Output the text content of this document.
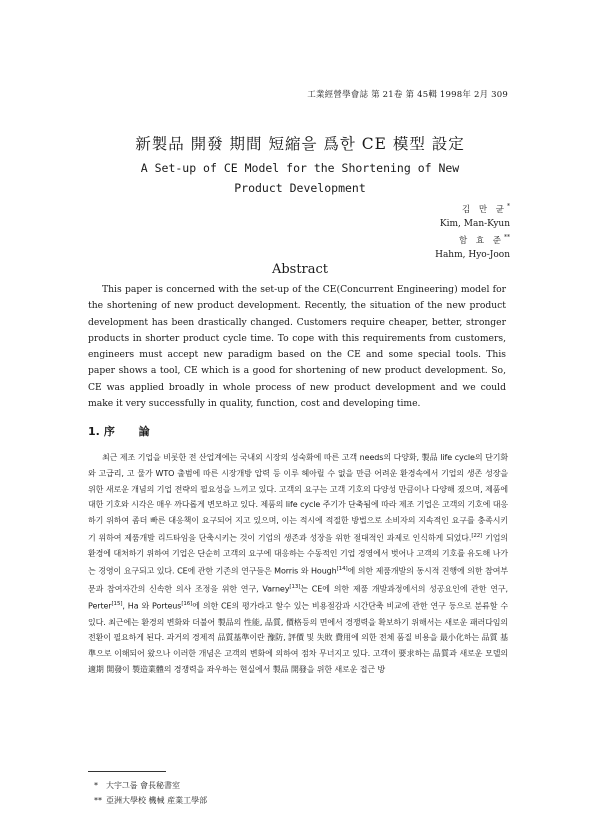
工業經營學會誌 第 21卷 第 45輯 1998年 2月 309
新製品 開發 期間 短縮을 爲한 CE 模型 設定
A Set-up of CE Model for the Shortening of New
Product Development
김 만 균*
Kim, Man-Kyun
함 효 준**
Hahm, Hyo-Joon
Abstract
This paper is concerned with the set-up of the CE(Concurrent Engineering) model for the shortening of new product development. Recently, the situation of the new product development has been drastically changed. Customers require cheaper, better, stronger products in shorter product cycle time. To cope with this requirements from customers, engineers must accept new paradigm based on the CE and some special tools. This paper shows a tool, CE which is a good for shortening of new product development. So, CE was applied broadly in whole process of new product development and we could make it very successfully in quality, function, cost and developing time.
1. 序 論
최근 제조 기업을 비롯한 전 산업계에는 국내외 시장의 성숙화에 따른 고객 needs의 다양화, 製品 life cycle의 단기화와 고급리, 고 물가 WTO 출범에 따른 시장개방 압력 등 이루 헤아릴 수 없을 만큼 어려운 환경속에서 기업의 생존 성장을 위한 새로운 개념의 기업 전략의 필요성을 느끼고 있다. 고객의 요구는 고객 기호의 다양성 만큼이나 다양해 졌으며, 제품에 대한 기호와 시각은 매우 까다롭게 변모하고 있다. 제품의 life cycle 주기가 단축됨에 따라 제조 기업은 고객의 기호에 대응하기 위하여 좀더 빠른 대응책이 요구되어 지고 있으며, 이는 적시에 적절한 방법으로 소비자의 지속적인 요구를 충족시키기 위하여 제품개발 리드타임을 단축시키는 것이 기업의 생존과 성장을 위한 절대적인 과제로 인식하게 되었다.[22] 기업의 환경에 대처하기 위하여 기업은 단순히 고객의 요구에 대응하는 수동적인 기업 경영에서 벗어나 고객의 기호를 유도해 나가는 경영이 요구되고 있다. CE에 관한 기존의 연구들은 Morris 와 Hough[14]에 의한 제품개발의 동시적 진행에 의한 참여부문과 참여자간의 신속한 의사 조정을 위한 연구, Varney[13]는 CE에 의한 제품 개발과정에서의 성공요인에 관한 연구, Perter[15], Ha 와 Porteus[16]에 의한 CE의 평가라고 할수 있는 비용절감과 시간단축 비교에 관한 연구 등으로 분류할 수 있다. 최근에는 환경의 변화와 더불어 製品의 性能, 品質, 價格등의 면에서 경쟁력을 확보하기 위해서는 새로운 패러다임의 전환이 필요하게 된다. 과거의 경제적 品質基準이란 豫防, 評價 및 失敗 費用에 의한 전체 품질 비용을 最小化하는 品質 基準으로 이해되어 왔으나 이러한 개념은 고객의 변화에 의하여 점차 무너지고 있다. 고객이 要求하는 品質과 새로운 모델의 適期 開發이 製造業體의 경쟁력을 좌우하는 현실에서 製品 開發을 위한 새로운 접근 방
* 大宇그룹 會長秘書室
** 亞洲大學校 機械 産業工學部
